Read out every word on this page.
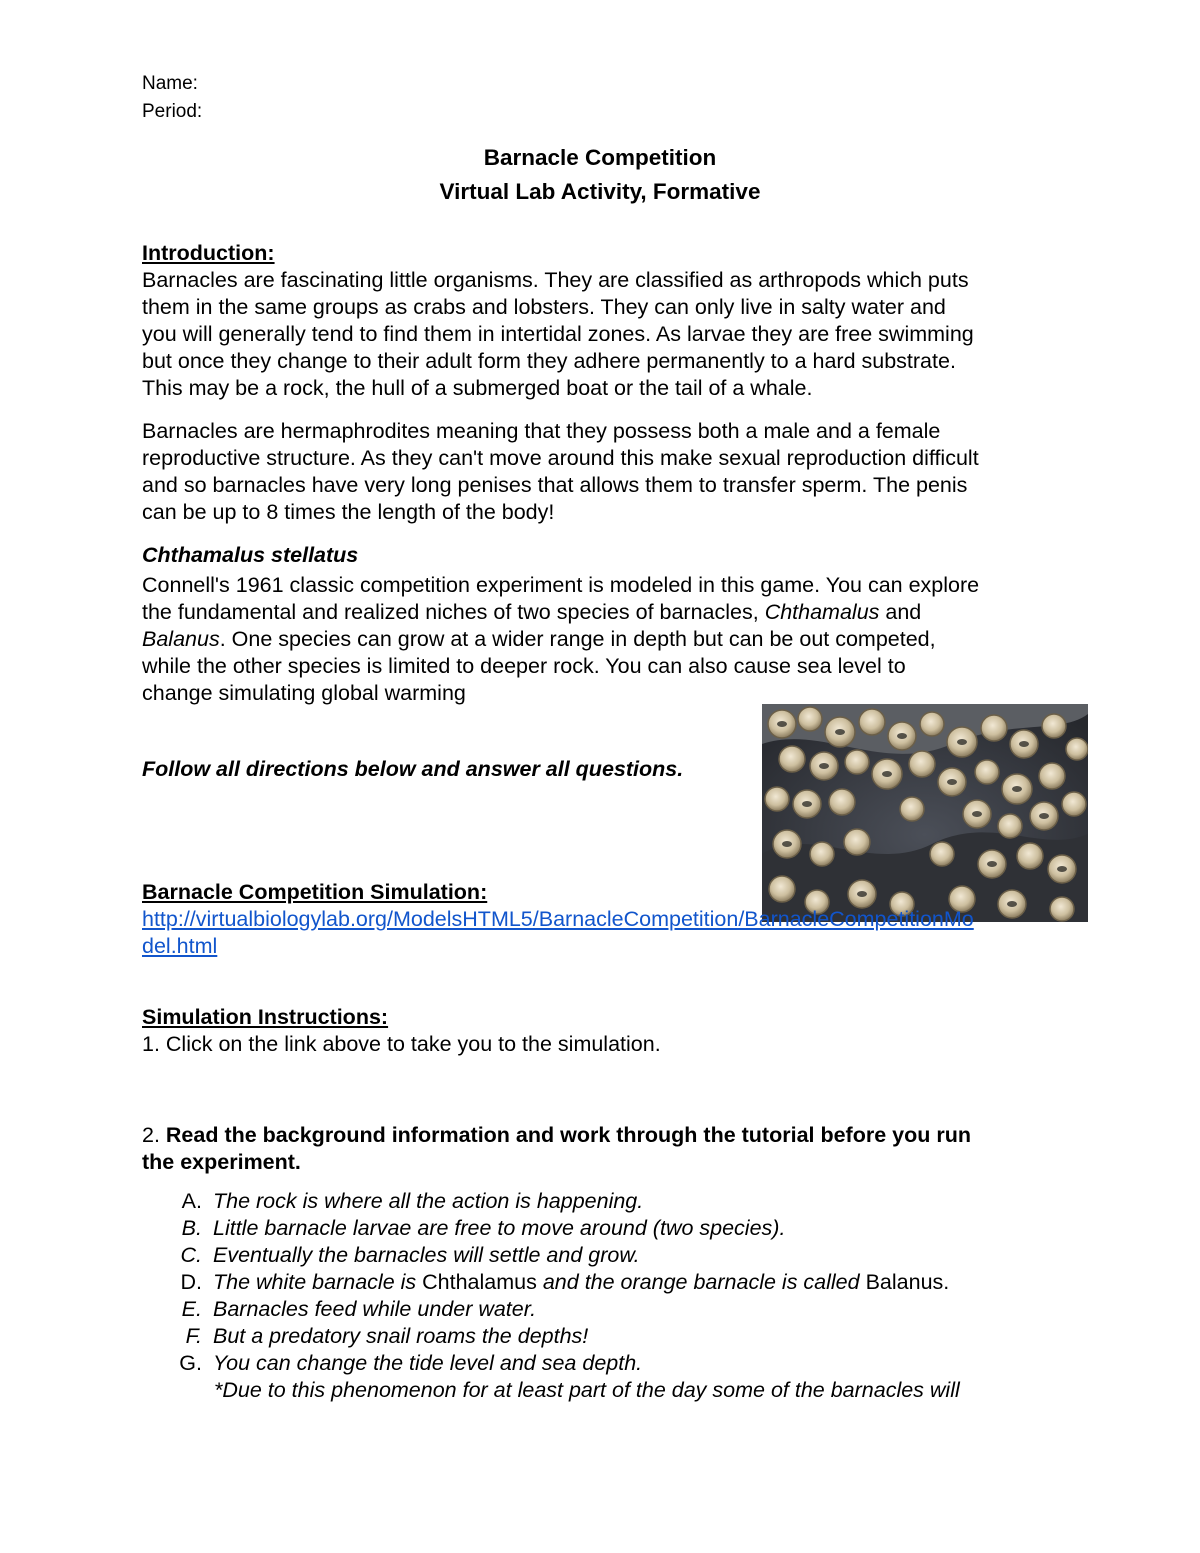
Name:
Period:
Barnacle Competition
Virtual Lab Activity, Formative
Introduction:
Barnacles are fascinating little organisms. They are classified as arthropods which puts
them in the same groups as crabs and lobsters. They can only live in salty water and
you will generally tend to find them in intertidal zones. As larvae they are free swimming
but once they change to their adult form they adhere permanently to a hard substrate.
This may be a rock, the hull of a submerged boat or the tail of a whale.
Barnacles are hermaphrodites meaning that they possess both a male and a female
reproductive structure. As they can't move around this make sexual reproduction difficult
and so barnacles have very long penises that allows them to transfer sperm. The penis
can be up to 8 times the length of the body!
Chthamalus stellatus
Connell's 1961 classic competition experiment is modeled in this game. You can explore
the fundamental and realized niches of two species of barnacles, Chthamalus and
Balanus. One species can grow at a wider range in depth but can be out competed,
while the other species is limited to deeper rock. You can also cause sea level to
change simulating global warming
Follow all directions below and answer all questions.
Barnacle Competition Simulation:
http://virtualbiologylab.org/ModelsHTML5/BarnacleCompetition/BarnacleCompetitionMo
del.html
Simulation Instructions:
1. Click on the link above to take you to the simulation.
2. Read the background information and work through the tutorial before you run
the experiment.
A. The rock is where all the action is happening.
B. Little barnacle larvae are free to move around (two species).
C. Eventually the barnacles will settle and grow.
D. The white barnacle is Chthalamus and the orange barnacle is called Balanus.
E. Barnacles feed while under water.
F. But a predatory snail roams the depths!
G. You can change the tide level and sea depth.
*Due to this phenomenon for at least part of the day some of the barnacles will
